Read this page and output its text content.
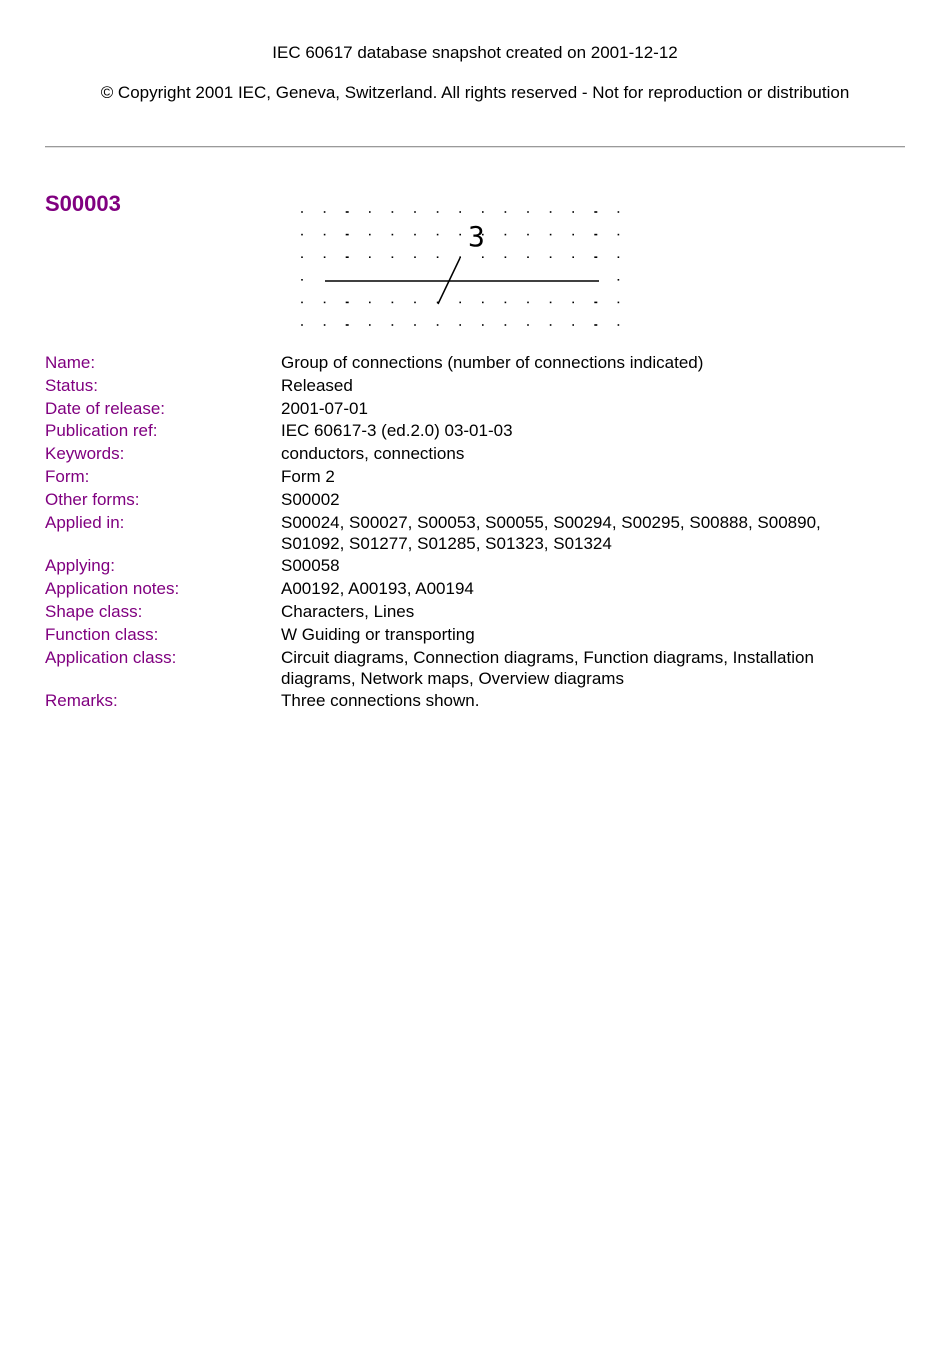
IEC 60617 database snapshot created on 2001-12-12
© Copyright 2001 IEC, Geneva, Switzerland. All rights reserved - Not for reproduction or distribution
S00003
3
Name:	Group of connections (number of connections indicated)
Status:	Released
Date of release:	2001-07-01
Publication ref:	IEC 60617-3 (ed.2.0) 03-01-03
Keywords:	conductors, connections
Form:	Form 2
Other forms:	S00002
Applied in:	S00024, S00027, S00053, S00055, S00294, S00295, S00888, S00890, S01092, S01277, S01285, S01323, S01324
Applying:	S00058
Application notes:	A00192, A00193, A00194
Shape class:	Characters, Lines
Function class:	W Guiding or transporting
Application class:	Circuit diagrams, Connection diagrams, Function diagrams, Installation diagrams, Network maps, Overview diagrams
Remarks:	Three connections shown.
